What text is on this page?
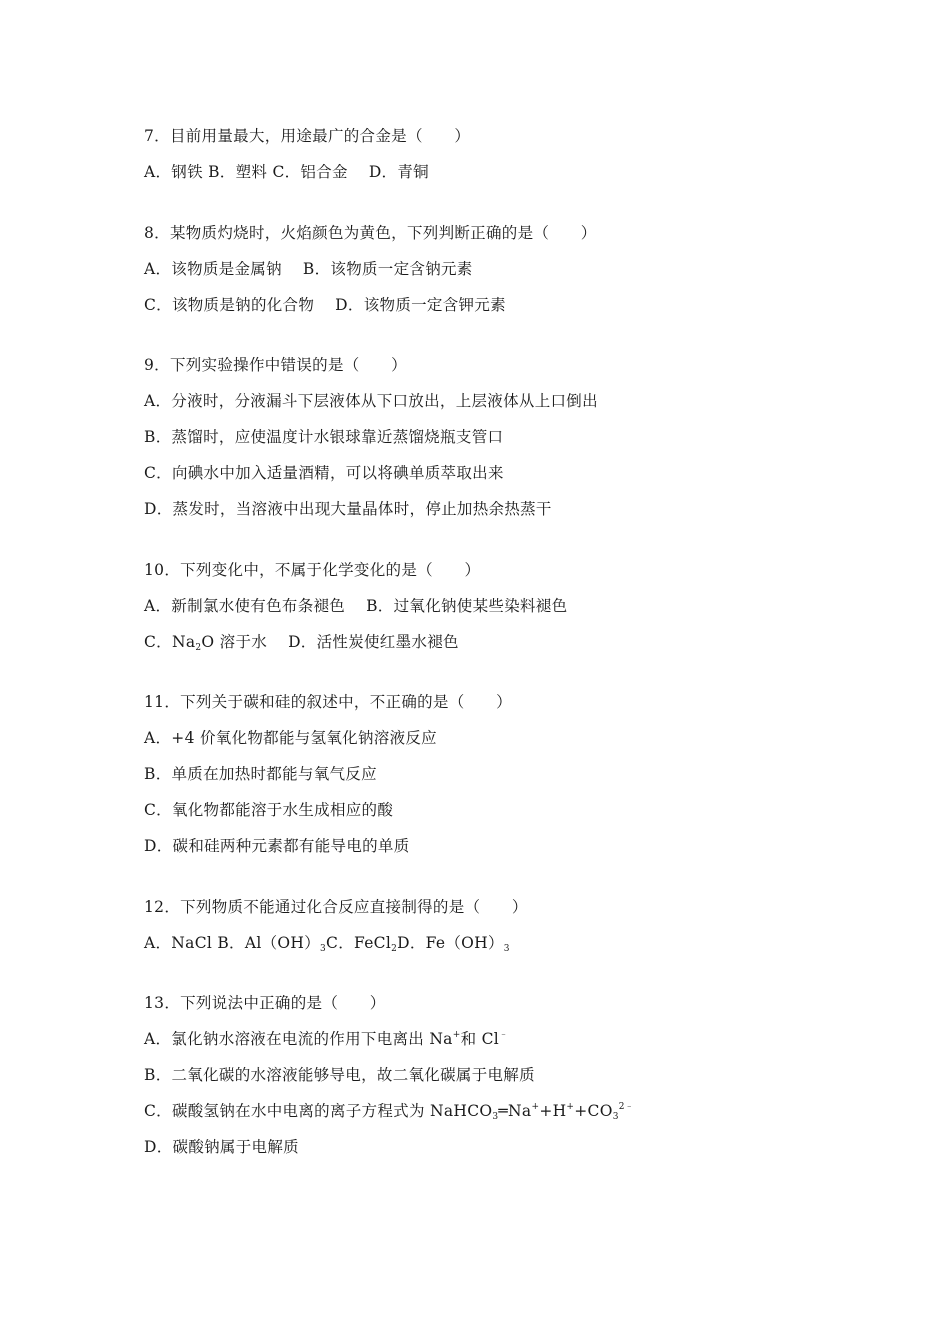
7．目前用量最大，用途最广的合金是（　　）
A．钢铁 B．塑料 C．铝合金　 D．青铜
8．某物质灼烧时，火焰颜色为黄色，下列判断正确的是（　　）
A．该物质是金属钠　 B．该物质一定含钠元素
C．该物质是钠的化合物　 D．该物质一定含钾元素
9．下列实验操作中错误的是（　　）
A．分液时，分液漏斗下层液体从下口放出，上层液体从上口倒出
B．蒸馏时，应使温度计水银球靠近蒸馏烧瓶支管口
C．向碘水中加入适量酒精，可以将碘单质萃取出来
D．蒸发时，当溶液中出现大量晶体时，停止加热余热蒸干
10．下列变化中，不属于化学变化的是（　　）
A．新制氯水使有色布条褪色　 B．过氧化钠使某些染料褪色
C．$Na_2O$ 溶于水　 D．活性炭使红墨水褪色
11．下列关于碳和硅的叙述中，不正确的是（　　）
A．+4 价氧化物都能与氢氧化钠溶液反应
B．单质在加热时都能与氧气反应
C．氧化物都能溶于水生成相应的酸
D．碳和硅两种元素都有能导电的单质
12．下列物质不能通过化合反应直接制得的是（　　）
A．NaCl B．$Al(OH)_3C$．FeCl$_2$D．$Fe(OH)_3$
13．下列说法中正确的是（　　）
A．氯化钠水溶液在电流的作用下电离出 Na+和 Cl﹣
B．二氧化碳的水溶液能够导电，故二氧化碳属于电解质
C．碳酸氢钠在水中电离的离子方程式为 $NaHCO_3═Na^++H^++CO_3^{2﹣}$
D．碳酸钠属于电解质
